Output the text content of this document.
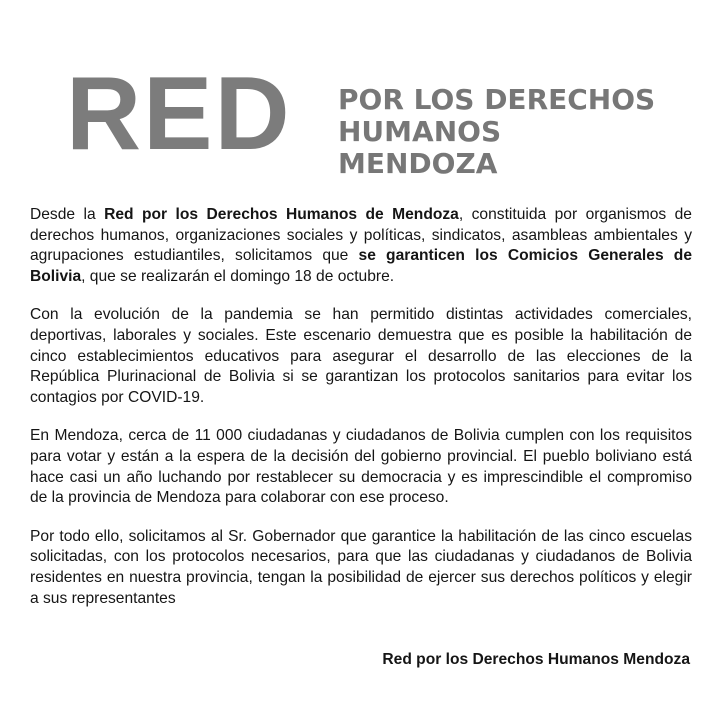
RED POR LOS DERECHOS
HUMANOS
MENDOZA

Desde la Red por los Derechos Humanos de Mendoza, constituida por organismos de derechos humanos, organizaciones sociales y políticas, sindicatos, asambleas ambientales y agrupaciones estudiantiles, solicitamos que se garanticen los Comicios Generales de Bolivia, que se realizarán el domingo 18 de octubre.

Con la evolución de la pandemia se han permitido distintas actividades comerciales, deportivas, laborales y sociales. Este escenario demuestra que es posible la habilitación de cinco establecimientos educativos para asegurar el desarrollo de las elecciones de la República Plurinacional de Bolivia si se garantizan los protocolos sanitarios para evitar los contagios por COVID-19.

En Mendoza, cerca de 11 000 ciudadanas y ciudadanos de Bolivia cumplen con los requisitos para votar y están a la espera de la decisión del gobierno provincial. El pueblo boliviano está hace casi un año luchando por restablecer su democracia y es imprescindible el compromiso de la provincia de Mendoza para colaborar con ese proceso.

Por todo ello, solicitamos al Sr. Gobernador que garantice la habilitación de las cinco escuelas solicitadas, con los protocolos necesarios, para que las ciudadanas y ciudadanos de Bolivia residentes en nuestra provincia, tengan la posibilidad de ejercer sus derechos políticos y elegir a sus representantes

Red por los Derechos Humanos Mendoza
